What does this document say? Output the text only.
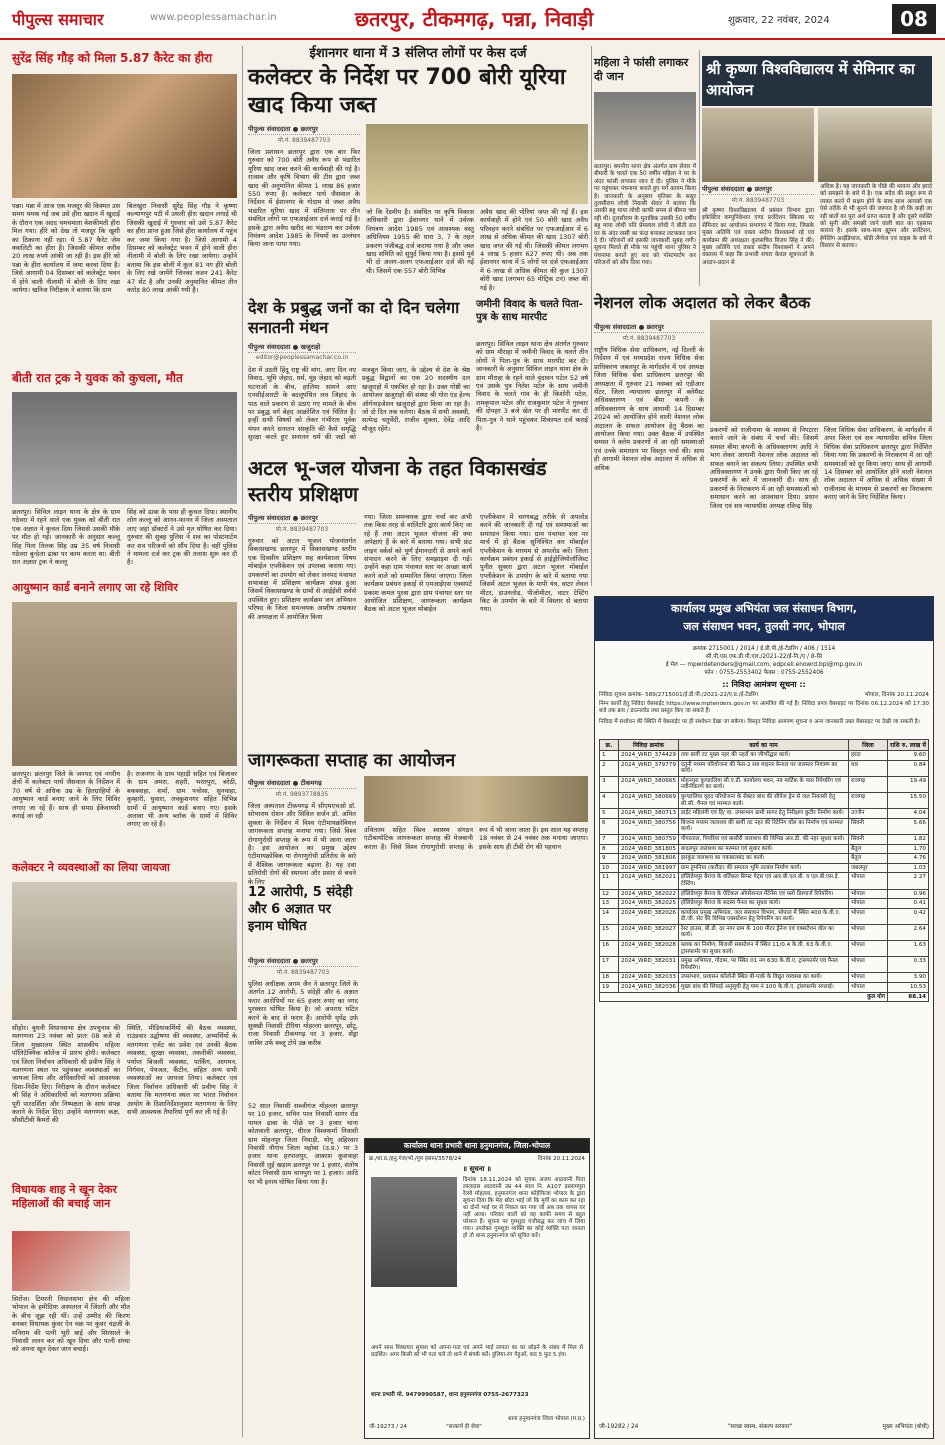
पीपुल्स समाचार	www.peoplessamachar.in	छतरपुर, टीकमगढ़, पन्ना, निवाड़ी	शुक्रवार, 22 नवंबर, 2024	08
सुरेंद्र सिंह गौड़ को मिला 5.87 कैरेट का हीरा
पन्ना। पन्ना में आज एक मजदूर की किस्मत उस समय चमक गई जब उसे हीरा खदान में खुदाई के दौरान एक अदद चमचमाता बेशकीमती हीरा मिल गया। हीरे को देख तो मजदूर कि खुशी का ठिकाना नहीं रहा। ये 5.87 कैरेट जेम क्वालिटी का हीरा है। जिसकी कीमत करीब 20 लाख रुपये आंकी जा रही है। इस हीरे को पन्ना के हीरा कार्यालय में जमा करवा दिया है। जिसे आगामी 04 दिसम्बर को कलेक्ट्रेट भवन में होने वाली नीलामी में बोली के लिए रखा जायेगा। खनिज निरीक्षक ने बताया कि ग्राम
बिलखुरा निवासी सुरेंद्र सिंह गौड़ ने कृष्णा कल्याणपुर पटी में उथली हीरा खदान लगाई थी जिसकी खुदाई में गुरुवार को उसे 5.87 कैरेट का हीरा प्राप्त हुआ जिसे हीरा कार्यालय में पहुंच कर जमा किया गया है। जिसे आगामी 4 दिसम्बर को कलेक्ट्रेट भवन में होने वाली हीरा नीलामी में बोली के लिए रखा जायेगा। उन्होंने बताया कि इस बोली में कुल 81 नग हीरे बोली के लिए रखे जायेंगे जिनका वजन 241 कैरेट 47 सेंट है और उनकी अनुमानित कीमत तीन करोड़ 80 लाख आंकी गयी है।
बीती रात ट्रक ने युवक को कुचला, मौत
छतरपुर। सिविल लाइन थाना के क्षेत्र के ग्राम गठेवरा में रहने वाले एक युवक को बीती रात एक अज्ञात ने कुचल दिया जिससे उसकी मौके पर मौत हो गई। जानकारी के अनुसार कल्लू सिंह पिता तिलक सिंह उम्र 35 वर्ष निवासी गठेवरा बुन्देला ढाबा पर काम करता था। बीती रात अज्ञात ट्रक ने कल्लू
सिंह को ढाबा के पास ही कुचल दिया। स्थानीय लोग कल्लू को आनन-फानन में जिला अस्पताल लाए जहां डॉक्टरों ने उसे मृत घोषित कर दिया। गुरुवार की सुबह पुलिस ने शव का पोस्टमार्टम कर शव परिजनों को सौंप दिया है। वहीं पुलिस ने मामला दर्ज कर ट्रक की तलाश शुरू कर दी है।
आयुष्मान कार्ड बनाने लगाए जा रहे शिविर
छतरपुर। छतरपुर जिले के जनपद एवं नगरीय क्षेत्रों में कलेक्टर पार्थ जैसवाल के निर्देशन में 70 वर्ष से अधिक उम्र के हितग्राहियों के आयुष्मान कार्ड बनाए जाने के लिए शिविर लगाए जा रहे हैं। साथ ही समग्र ईकेवायसी कराई जा रही
है। राजनगर के ग्राम पहाड़ी सहित एवं बिजावर के ग्राम अमरा, शहरी, भरतपुरा, बरेठी, बकस्वाहा, शर्मा, ग्राम पचोसा, सुनवाहा, कुम्हारी, घुवारा, लवकुशनगर सहित विभिन्न ग्रामों में आयुष्मान कार्ड बनाए गए। इसके अलावा भी अन्य ब्लॉक के ग्रामों में शिविर लगाए जा रहे हैं।
कलेक्टर ने व्यवस्थाओं का लिया जायजा
सीहोर। बुधनी विधानसभा क्षेत्र उपचुनाव की मतगणना 23 नवंबर को प्रातः 08 बजे से जिला मुख्यालय स्थित शासकीय महिला पॉलिटेक्निक कॉलेज में प्रारंभ होगी। कलेक्टर एवं जिला निर्वाचन अधिकारी श्री प्रवीण सिंह ने मतगणना स्थल पर पहुंचकर व्यवस्थाओं का जायजा लिया और अधिकारियों को आवश्यक दिशा-निर्देश दिए। निरीक्षण के दौरान कलेक्टर श्री सिंह ने अधिकारियों को मतगणना प्रक्रिया पूरी पारदर्शिता और निष्पक्षता के साथ संपन्न कराने के निर्देश दिए। उन्होंने मतगणना कक्ष, सीसीटीवी कैमरों की
स्थिति, मीडियाकर्मियों की बैठक व्यवस्था, राउंडवार उद्घोषणा की व्यवस्था, अभ्यर्थियों के मतगणना एजेंट का प्रवेश एवं उनकी बैठक व्यवस्था, सुरक्षा व्यवस्था, तकनीकी व्यवस्था, पर्याप्त बिजली व्यवस्था, पार्किंग, आगमन, निर्गमन, पेयजल, कैंटीन, सहित अन्य सभी व्यवस्थाओं का जायजा लिया। कलेक्टर एवं जिला निर्वाचन अधिकारी श्री प्रवीण सिंह ने बताया कि मतगणना स्थल पर भारत निर्वाचन आयोग के दिशानिर्देशानुसार मतगणना के लिए सभी आवश्यक तैयारियां पूर्ण कर ली गई हैं।
विधायक शाह ने खून देकर महिलाओं की बचाई जान
सिरोंज। टिमरनी विधानसभा क्षेत्र की महिला भोपाल के हमीदिया अस्पताल में जिंदगी और मौत के बीच जूझ रही थीं। उन्हें उम्मीद की किरण बनकर विधायक कुंवर ऐन चक्र पर कुंवर चंद्रजी के मनिराम की पत्नी भूरी बाई और सिरसाले के निवासी ललन कर को खून दिया और पत्नी संध्या को अपना खून देकर जान बचाई।
ईशानगर थाना में 3 संलिप्त लोगों पर केस दर्ज
कलेक्टर के निर्देश पर 700 बोरी यूरिया खाद किया जब्त
पीपुल्स संवाददाता ● छतरपुर
मो.नं. 8839487703
जिला प्रशासन छतरपुर द्वारा एक बार फिर गुरुवार को 700 बोरी अवैध रूप से भंडारित यूरिया खाद जब्त करने की कार्यवाही की गई है। राजस्व और कृषि विभाग की टीम द्वारा जब्त खाद की अनुमानित कीमत 1 लाख 86 हजार 550 रुपए है। कलेक्टर पार्थ जैसवाल के निर्देशन में ईशानगर के गोदाम से जब्त अवैध भंडारित यूरिया खाद में संलिप्तता पर तीन संबंधित लोगों पर एफआईआर दर्ज कराई गई है। इसके द्वारा अवैध खरीद का भंडारण कर उर्वरक नियंत्रण आदेश 1985 के नियमों का उल्लंघन किया जाना पाया गया।
जो कि रेंडमीय है। संबंधित पर कृषि विकास अधिकारी द्वारा ईशानगर थाने में उर्वरक नियंत्रण आदेश 1985 एवं आवश्यक वस्तु अधिनियम 1955 की धारा 3, 7 के तहत प्रकरण पंजीबद्ध दर्ज कराया गया है और जब्त खाद समिति को सुपुर्द किया गया है। इससे पूर्व भी दो अलग-अलग एफआईआर दर्ज की गई थी। जिसमें एक 557 बोरी विभिन्न
अवैध खाद की पोरियां जप्त की गई हैं। इस कार्यवाही में होने एवं 50 बोरी खाद अवैध परिवहन करने संबंधित पर एफआईआर में 6 लाख से अधिक कीमत की खाद 1307 बोरी खाद जप्त की गई थी। जिसकी कीमत लगभग 4 लाख 5 हजार 627 रुपए थी। अब तक ईशानगर थाना में 5 लोगों पर दर्ज एफआईआर में 6 लाख से अधिक कीमत की कुल 1307 बोरी खाद (लगभग 65 मीट्रिक टन) जब्त की गई है।
देश के प्रबुद्ध जनों का दो दिन चलेगा सनातनी मंथन
पीपुल्स संवाददाता ● खजुराहो
editor@peoplessamachar.co.in
देश में उठती हिंदू राष्ट्र की मांग, आए दिन नए विवाद, भूमि जेहाद, धर्म, मुंह जेहाद को बढ़ती घटनाओं के बीच, हालिया सामने आए एनसीईआरटी के बदलूपंथित लव जिहाद के पाठ वाले प्रकरण से उठाए गए मामले के बीच पर प्रबुद्ध वर्ग बेहद आक्रोशित एवं चिंतित है। इन्हीं सभी विषयों को लेकर गंभीरता पूर्वक मंथन करने सनातन संस्कृति की कैसे समृद्धि सुरक्षा करते हुए सनातन धर्म की जड़ों को मजबूत किया जाए, के उद्देश्य से देश के श्रेष्ठ प्रबुद्ध विद्वानों का एक 20 सदस्यीय दल खजुराहो में एकत्रित हो रहा है। उक्त गोष्ठी का आयोजन खजुराहो की संस्था श्री गोरा एंड हेल्थ ऑर्गनाइजेशन खजुराहो द्वारा किया जा रहा है। जो दो दिन तक चलेगा। बैठक में सभी अवस्थी, सत्येन्द्र चतुर्वेदी, राजीव शुक्ला, देवेंद्र आदि मौजूद रहेंगे।
जमीनी विवाद के चलते पिता-पुत्र के साथ मारपीट
छतरपुर। सिविल लाइन थाना क्षेत्र अंतर्गत गुरुवार को ग्राम मौराहा में जमीनी विवाद के चलते तीन लोगों ने पिता-पुत्र के साथ मारपीट कर दी। जानकारी के अनुसार सिविल लाइन थाना क्षेत्र के ग्राम मौराहा के रहने वाले वृंदावन पटेल 52 वर्ष एवं उसके पुत्र नितेश पटेल के साथ जमीनी विवाद के चलते गांव के ही किशोरी पटेल, रामकृपाल पटेल और राजकुमार पटेल ने गुरुवार की दोपहर 3 बजे खेत पर ही मारपीट कर दी पिता-पुत्र ने थाने पहुंचकर शिकायत दर्ज कराई है।
अटल भू-जल योजना के तहत विकासखंड स्तरीय प्रशिक्षण
पीपुल्स संवाददाता ● छतरपुर
मो.नं. 8839487703
गुरुवार को अटल भूजल योजनांतर्गत विकासखण्ड छतरपुर में विकासखण्ड स्तरीय एक दिवसीय प्रशिक्षण सह कार्यशाला विषय मोबाईल एप्लीकेशन एवं उपलब्ध कराया गए। उपकरणों का उपयोग को लेकर जनपद पंचायत सभाकक्ष में प्रशिक्षण कार्यक्रम संपन्न हुआ जिसमें विकासखण्ड के ग्रामों से आईईसी सर्वर्स उपस्थित हुए। प्रशिक्षण कार्यक्रम जन अभियान परिषद के जिला समन्वयक आशीष ताम्रकार की अध्यक्षता में आयोजित किया
गया। जिला समन्वयक द्वारा चर्चा कर अभी तक किस तरह से वालिंटरि द्वारा कार्य किए जा रहे हैं तथा अटल भूजल योजना की क्या अपेक्षाएं हैं के बारे में बताया गया। सभी फ्रंट लाइन वर्कर्स को पूर्ण ईमानदारी से अपने कार्य संपादन करने के लिए समझाइश दी गई। उन्होंने कहा ग्राम पंचायत स्तर पर अच्छा कार्य करने वाले को सम्मानित किया जाएगा। जिला कार्यक्रम प्रबंधन इकाई से एमआईएस एक्सपर्ट प्रकाश कमल पुरवा द्वारा ग्राम पंचायत स्तर पर आयोजित प्रशिक्षण, जागरूकता कार्यक्रम बैठक को अटल भूजल मोबाईल
एप्लीकेशन में चरणबद्ध तरीके से अपलोड करने की जानकारी दी गई एवं समस्याओं का समाधान किया गया। ग्राम पंचायत स्तर पर मार्च में हो बैठक सुनिश्चित कर मोबाईल एप्लीकेशन के माध्यम से अपलोड करें। जिला कार्यक्रम प्रबंधन इकाई से हाईड्रोजियोलॉजिस्ट पुनीत सुक्ला द्वारा अटल भूजल मोबाईल एप्लीकेशन के उपयोग के बारे में बताया गया जिसमें अटल भूजल के मापी यंत्र, वाटर लेवल मीटर, डाउनलोड, पीजोमीटर, वाटर टेस्टिंग किट के उपयोग के बारे में विस्तार से बताया गया।
जागरूकता सप्ताह का आयोजन
पीपुल्स संवाददाता ● टीकमगढ़
मो.नं. 9893778835
जिला अस्पताल टीकमगढ़ में सीएमएचओ डॉ. सोभाराम रोशन और सिविल सर्जन डॉ. अमित शुक्ला के निर्देशन में विश्व एंटीमायक्रोबियल जागरूकता सप्ताह मनाया गया। जिसे विश्व रोगाणुरोधी सप्ताह के रूप में भी जाना जाता है। इस आयोजन का प्रमुख उद्देश्य एंटीमायक्रोबिक या रोगाणुरोधी प्रतिरोध के बारे में वैश्विक जागरूकता बढ़ाना है। यह दवा प्रतिरोधी रोगों की स्थापना और प्रसार से बचने के लिए
उचिततम सहित विश्व स्वास्थ्य संगठन एंटीबायोटिक जागरूकता सप्ताह की मेजबानी करता है। जिसे विश्व रोगाणुरोधी सप्ताह के रूप में भी जाना जाता है। इस साल यह सप्ताह 18 नवंबर से 24 नवंबर तक मनाया जाएगा। इसके साथ ही टीबी रोग की पहचान
12 आरोपी, 5 संदेही और 6 अज्ञात पर इनाम घोषित
पीपुल्स संवाददाता ● छतरपुर
मो.नं. 8839487703
पुलिस अधीक्षक अगम जैन ने छतरपुर जिले के अंतर्गत 12 आरोपी, 5 संदेही और 6 अज्ञात फरार आरोपियों पर 65 हजार रुपए का नगद पुरस्कार घोषित किया है। जो अपराध घटित करने के बाद से फरार हैं। आरोपी धृपेंद्र उर्फ सुक्खी निवासी टीरिया मोहल्ला छतरपुर, छोटू, राजा निवासी टीकमगढ़ पर 3 हजार, सेंड्रा जाबिर उर्फ बब्लू टोपे उन्न करीब
52 साल निवासी सब्जीगंज मोहल्ला छतरपुर पर 10 हजार, सचिन पाल निवासी सागर रोड पायल ढाबा के पीछे पर 3 हजार थाना कोतवाली छतरपुर, धीरज विश्वकर्मा निवासी ग्राम मोहनपुर जिला निवाड़ी, योगू अहिरवार निवासी नौगांव जिला महोबा (उ.प्र.) पर 3 हजार थाना हरपालपुर, आकाश कुशवाहा निवासी लुई खड़ाम छतरपुर पर 1 हजार, संतोष कोटर निवासी ग्राम चापपुरा पर 1 हजार। आदि पर भी इनाम घोषित किया गया है।
कार्यालय थाना प्रभारी थाना हनुमानगंज, जिला-भोपाल
क्र./था.प्र./हनु.गंज/भो./गुम इंसान/3578/24	दिनांक 20.11.2024
॥ सूचना ॥
दिनांक 18.11.2024 को सूचक अजय आठवानी पिता लालदास आठवानी उम्र 44 साल नि. A107 इस्लामपुरा रेलवे मोहल्ला, हनुमानगंज थाना कोहेफिजा भोपाल के द्वारा सूचना दिया कि मेरा छोटा भाई जो कि मुर्गी का काम कर रहा था दोनों भाई घर से निकल कर गया जो अब तक वापस घर नहीं आया। परिवार वालों को वह काफी समय से बहुत परेशान हैं। सूचना पर गुमशुदा पंजीबद्ध कर जांच में लिया गया। उपरोक्त गुमशुदा व्यक्ति का कोई व्यक्ति पता जानता हो तो थाना हनुमानगंज को सूचित करें।
अपने साथ शिकायत सुमाश को अपना-पता एवं अपने भाई लापता का घर छोड़ने के संबंध में मिल से प्रदर्शित। अगर किसी को भी पता चले तो थाने में संपर्क करें। हुलिया-रंग गेहुआँ, कद 5 फुट 5 इंच।
थाना प्रभारी मो. 9479990587, थाना हनुमानगंज 0755-2677323
जी-19273 / 24	"सत्कार्य ही सेवा"
थाना हनुमानगंज जिला भोपाल (म.प्र.)
महिला ने फांसी लगाकर दी जान
छतरपुर। बमनौरा थाना क्षेत्र अंतर्गत ग्राम सेवार में बीमारी के चलते एक 50 वर्षीय महिला ने घर के अंदर फांसी लगाकर जान दे दी। पुलिस ने मौके पर पहुंचकर पंचनामा बनाते हुए मर्ग कायम किया है। जानकारी के अनुसार मृतिका के ससुर तुलसीराम लोधी निवासी सेवार ने बताया कि उसकी बहू माया लोधी काफी समय से बीमार चल रही थी। तुलसीराम के मुताबिक उसकी 50 वर्षीय बहू माया लोधी पति प्रेमलाल लोधी ने बीती रात घर के अंदर रस्सी का फंदा बनाकर लटककर जान दे दी। परिजनों को इसकी जानकारी सुबह लगी। सूचना मिलते ही मौके पर पहुंची थाना पुलिस ने पंचनामा बनाते हुए शव को पोस्टमार्टम कर परिजनों को सौंप दिया गया।
श्री कृष्णा विश्वविद्यालय में सेमिनार का आयोजन
पीपुल्स संवाददाता ● छतरपुर
मो.नं. 8839487703
श्री कृष्णा विश्वविद्यालय में प्रबंधन विभाग द्वारा इफेक्टिव कम्युनिकेशन एण्ड प्रजेंटेशन स्किल्स पर सेमिनार का आयोजन सभागार में किया गया, जिसके मुख्य अतिथि एवं वक्ता संदीप विश्वकर्मा रहे एवं कार्यक्रम की अध्यक्षता कुलसचिव विजय सिंह ने की। मुख्य अतिथि एवं वक्ता संदीप विश्वकर्मा ने अपने वक्तव्य में कहा कि प्रभावी संचार केवल सूचनाओं के आदान-प्रदान से
अधिक है। यह जानकारी के पीछे की भावना और इरादे को समझने के बारे में है। एक सदैव की सबूत रूप से व्यक्त करने में सक्षम होने के साथ साथ आपको एक ऐसे तरीके से भी सुनने की जरूरत है जो कि कही जा रही बातों का पूरा अर्थ प्राप्त करता है और दूसरे व्यक्ति को सुनी और समझी जाने वाली बात का एहसास कराता है। इसके साथ-साथ ह्यूमन और प्रजेंटेशन, ईमेलिंग आईडियाज, बॉडी लेंग्वेज एवं वाइस के बारे में विस्तार से बताया।
नेशनल लोक अदालत को लेकर बैठक
पीपुल्स संवाददाता ● छतरपुर
मो.नं. 8839487703
राष्ट्रीय विधिक सेवा प्राधिकरण, नई दिल्ली के निर्देशन में एवं मध्यप्रदेश राज्य विधिक सेवा प्राधिकरण जबलपुर के मार्गदर्शन में एवं अध्यक्ष जिला विधिक सेवा प्राधिकरण छतरपुर की अध्यक्षता में गुरुवार 21 नवम्बर को एडीआर सेंटर, जिला न्यायालय छतरपुर में क्लेमैस्ट अधिवक्तागण एवं बीमा कंपनी के अधिवक्तागण के साथ आगामी 14 दिसम्बर 2024 को आयोजित होने वाली नेशनल लोक अदालत के सफल आयोजन हेतु बैठक का आयोजन किया गया। उक्त बैठक में उपस्थित समस्त ने क्लेम प्रकरणों में आ रही समस्याओं एवं उनके समाधान पर विस्तृत चर्चा की। साथ ही आगामी नेशनल लोक अदालत में अधिक से अधिक
प्रकरणों को राजीनामा के माध्यम से निपटारा कराने जाने के संबंध में चर्चा की। जिसमें समस्त बीमा कंपनी के अधिवक्तागण आदि ने भाग लेकर आगामी नेशनल लोक अदालत को सफल बनाने का संकल्प लिया। उपस्थित सभी अधिवक्तागण ने उनके द्वारा पैरवी किए जा रहे प्रकरणों के बारे में जानकारी दी। साथ ही प्रकरणों के निराकरण में आ रही समस्याओं को समाधान करने का आश्वासन दिया। प्रधान जिला एवं सत्र न्यायाधीश अध्यक्ष रविन्द्र सिंह
जिला विधिक सेवा प्राधिकरण, के मार्गदर्शन में अपर जिला एवं सत्र न्यायाधीश सचिव जिला विधिक सेवा प्राधिकरण छतरपुर द्वारा निर्देशित किया गया कि प्रकरणों के निराकरण में आ रही समस्याओं को दूर किया जाए। साथ ही आगामी 14 दिसम्बर को आयोजित होने वाली नेशनल लोक अदालत में अधिक से अधिक संख्या में राजीनामा के माध्यम से प्रकरणों का निराकरण कराए जाने के लिए निर्देशित किया।
कार्यालय प्रमुख अभियंता जल संसाधन विभाग,
जल संसाधन भवन, तुलसी नगर, भोपाल
क्रमांक 2715001 / 2014 / ई.डी.पी./ई-टेंडरिंग / 406 / 1514
सी.पी.एस.एफ.डी.पी.एल./2021-22/ई-नि./ए / 8-सि
ई मेल — mpwrdetenders@gmail.com, edpcell.enowrd.bpl@mp.gov.in
फोन : 0755-2553402 फैक्स : 0755-2552406
:: निविदा आमंत्रण सूचना ::
निविदा सूचना क्रमांक- 589/2715001/ई.डी.पी./2021-22/ए.प्र./ई-टेंडरिंग	भोपाल, दिनांक 20.11.2024
निम्न कार्यों हेतु निविदा वेबसाईट https://www.mptenders.gov.in पर आमंत्रित की गई है। निविदा प्रपत्र वेबसाइट पर दिनांक 06.12.2024 को 17.30 बजे तक क्रय / डाउनलोड तथा प्रस्तुत किए जा सकते हैं।
निविदा में संशोधन की स्थिति में वेबसाईट पर ही संशोधन देखा जा सकेगा। विस्तृत निविदा आमंत्रण सूचना व अन्य जानकारी उक्त वेबसाइट पर देखी जा सकती है।
क्र.	निविदा क्रमांक	कार्य का नाम	जिला	राशि रु. लाख में
1	2024_WRD_374429	तवा बायीं तट मुख्य नहर की नहरों का जीर्णोद्धार कार्य।	हरदा	9.60
2	2024_WRD_379779	दतुनी मध्यम परियोजना की फेस-2 सब माइनर केनाल पर जलस्तर नियंत्रण का कार्य।	धार	0.84
3	2024_WRD_380665	मोहनपुरा कुण्डालिया सी.ए.डी. कार्यालय भवन, नव मार्टिक के पास रिपेयरिंग एवं नवीनीकरण का कार्य।	राजगढ़	19.49
4	2024_WRD_380669	कुण्डालिया वृहद परियोजना के सेक्टर बांध की सीपेज ड्रेन से जल निकासी हेतु सी.सी. चैनल एवं मरम्मत कार्य।	राजगढ़	15.50
5	2024_WRD_380713	डाईट महिलंगी एवं हि/ वा. उपसंभाग ग्रामी सागर हेतु निरीक्षण कुटीर निर्माण कार्य।	उज्जैन	4.04
6	2024_WRD_380756	बिजना मध्यम जलाशय की बायीं तट नहर की रिटेनिंग वॉल का निर्माण एवं मरम्मत कार्य।	सिवनी	5.66
7	2024_WRD_380759	पीपरताल, पिपरिया एवं बासौरी जलाशय की विभिन्न आर.डी. की नहर सुधार कार्य।	सिवनी	1.82
8	2024_WRD_381805	बादलपुर जलाशय का मरम्मत एवं सुधार कार्य।	बैतूल	1.70
9	2024_WRD_381806	झरकुंड जलाशय का एकबालबंद का कार्य।	बैतूल	4.76
10	2024_WRD_381997	ग्राम हुमनिया (करौंदा) की समतल भूमि तटबंध निर्माण कार्य।	जबलपुर	1.03
11	2024_WRD_382021	हॉलिडेयपुर बैराज के वर्तिकल सिफ्ट गेट्स एवं आर.बी.एल.बी. व एल.बी.एस.ई. टेस्टिंग।	भोपाल	2.27
12	2024_WRD_382022	हॉलिडेयपुर बैराज के ऐटिकल ऑपरेशनल मेंटेनेंस एवं फ्लो डिस्चार्ज रिपेयरिंग।	भोपाल	0.96
13	2024_WRD_382025	हॉलिडेयपुर बैराज के सदस्य पैनल का सुधार कार्य।	भोपाल	0.41
14	2024_WRD_382026	कार्यालय प्रमुख अभियंता, जल संसाधन विभाग, भोपाल में स्थित 400 के.वी.ए. डी.जी. सेट की विभिन्न एक्सटेंशन हेतु रिपेयरिंग का कार्य।	भोपाल	0.42
15	2024_WRD_382027	रेस्ट हाउस, बी.डी. दर नगर ग्राम के 100 मीटर ड्रेनेज एवं एक्सटेंशन वॉल का कार्य।	भोपाल	2.64
16	2024_WRD_382028	ब्लाक का निर्माण, बिजली सबस्टेशन में स्थित 11/0.4 के.वी. 63 के.वी.ए. ट्रांसफार्मर का सुधार कार्य।	भोपाल	1.63
17	2024_WRD_382031	प्रमुख अभियंता, गोदाम, पर स्थित 01 नग 630 के.वी.ए. ट्रांसफार्मर एवं पैनल रिपेयरिंग।	भोपाल	0.33
18	2024_WRD_382033	उपसंभाग, प्रशासन कॉलोनी स्थित बी-पार्क के विद्युत व्यवस्था का कार्य।	भोपाल	3.90
19	2024_WRD_382036	मुख्य बांध की सिंचाई अनुसूची हेतु पम्प नं 100 के.वी.ए. ट्रांसफार्मर सप्लाई।	भोपाल	10.53
कुल योग				88.14
जी-19282 / 24	"स्वच्छ स्वस्थ, संकल्प सरकार"	मुख्य अभियंता (बोधी)
